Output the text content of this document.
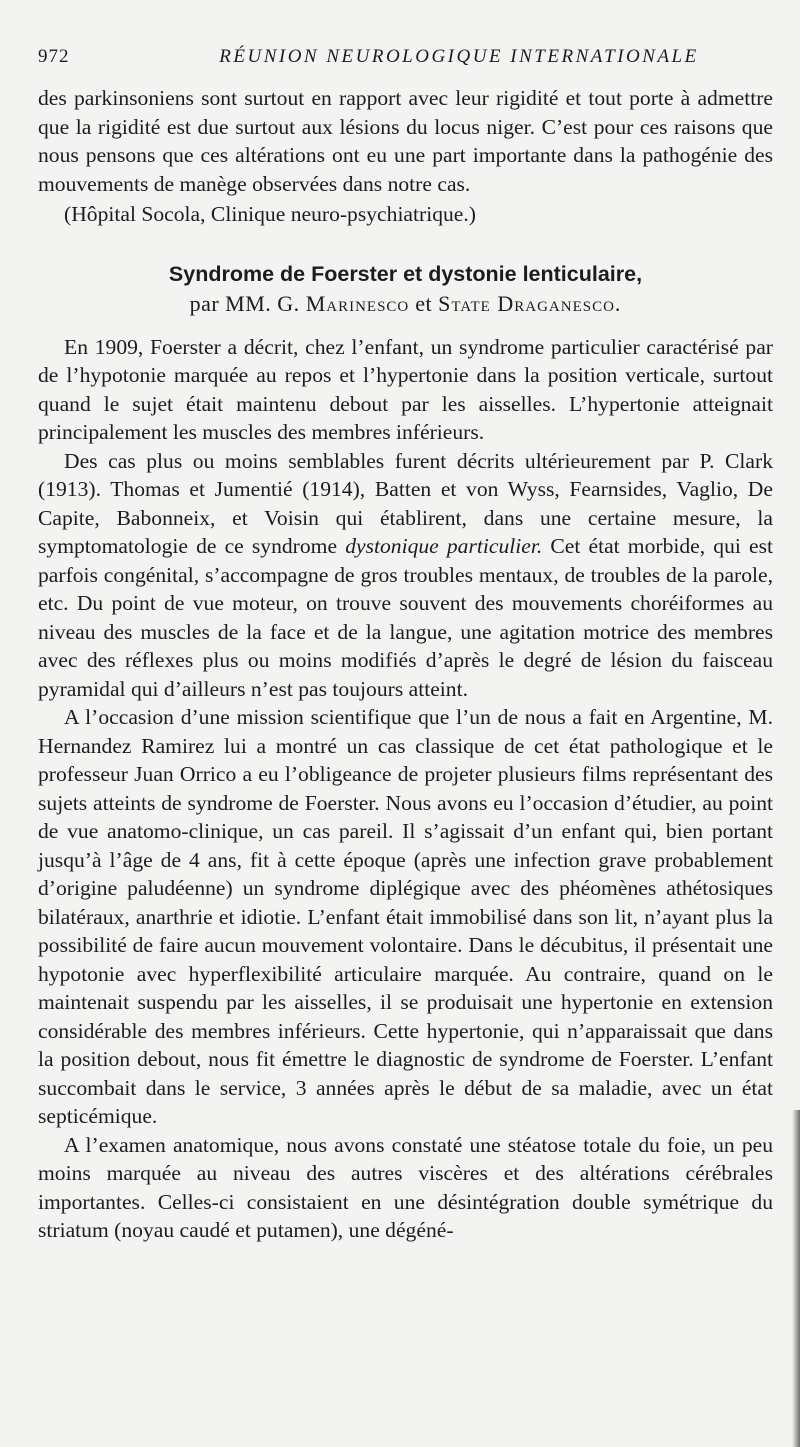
972	RÉUNION NEUROLOGIQUE INTERNATIONALE

des parkinsoniens sont surtout en rapport avec leur rigidité et tout porte à admettre que la rigidité est due surtout aux lésions du locus niger. C’est pour ces raisons que nous pensons que ces altérations ont eu une part importante dans la pathogénie des mouvements de manège observées dans notre cas.

(Hôpital Socola, Clinique neuro-psychiatrique.)

Syndrome de Foerster et dystonie lenticulaire,
par MM. G. Marinesco et State Draganesco.

En 1909, Foerster a décrit, chez l’enfant, un syndrome particulier caractérisé par de l’hypotonie marquée au repos et l’hypertonie dans la position verticale, surtout quand le sujet était maintenu debout par les aisselles. L’hypertonie atteignait principalement les muscles des membres inférieurs.

Des cas plus ou moins semblables furent décrits ultérieurement par P. Clark (1913). Thomas et Jumentié (1914), Batten et von Wyss, Fearnsides, Vaglio, De Capite, Babonneix, et Voisin qui établirent, dans une certaine mesure, la symptomatologie de ce syndrome dystonique particulier. Cet état morbide, qui est parfois congénital, s’accompagne de gros troubles mentaux, de troubles de la parole, etc. Du point de vue moteur, on trouve souvent des mouvements choréiformes au niveau des muscles de la face et de la langue, une agitation motrice des membres avec des réflexes plus ou moins modifiés d’après le degré de lésion du faisceau pyramidal qui d’ailleurs n’est pas toujours atteint.

A l’occasion d’une mission scientifique que l’un de nous a fait en Argentine, M. Hernandez Ramirez lui a montré un cas classique de cet état pathologique et le professeur Juan Orrico a eu l’obligeance de projeter plusieurs films représentant des sujets atteints de syndrome de Foerster. Nous avons eu l’occasion d’étudier, au point de vue anatomo-clinique, un cas pareil. Il s’agissait d’un enfant qui, bien portant jusqu’à l’âge de 4 ans, fit à cette époque (après une infection grave probablement d’origine paludéenne) un syndrome diplégique avec des phéomènes athétosiques bilatéraux, anarthrie et idiotie. L’enfant était immobilisé dans son lit, n’ayant plus la possibilité de faire aucun mouvement volontaire. Dans le décubitus, il présentait une hypotonie avec hyperflexibilité articulaire marquée. Au contraire, quand on le maintenait suspendu par les aisselles, il se produisait une hypertonie en extension considérable des membres inférieurs. Cette hypertonie, qui n’apparaissait que dans la position debout, nous fit émettre le diagnostic de syndrome de Foerster. L’enfant succombait dans le service, 3 années après le début de sa maladie, avec un état septicémique.

A l’examen anatomique, nous avons constaté une stéatose totale du foie, un peu moins marquée au niveau des autres viscères et des altérations cérébrales importantes. Celles-ci consistaient en une désintégration double symétrique du striatum (noyau caudé et putamen), une dégéné-
